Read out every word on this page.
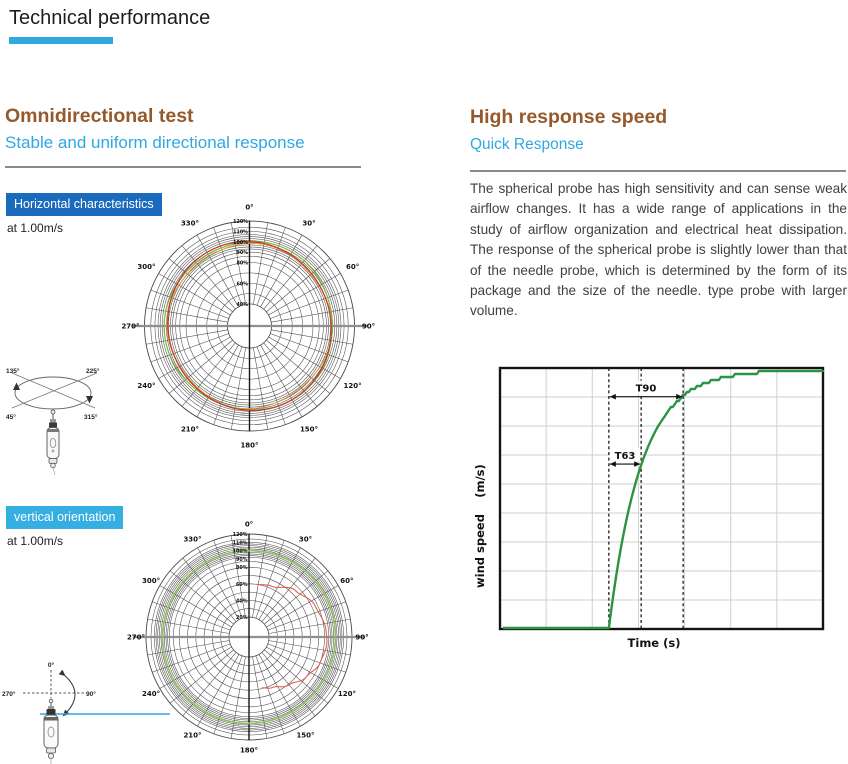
Technical performance
Omnidirectional test
Stable and uniform directional response
Horizontal characteristics
at 1.00m/s
0°
30°
60°
90°
120°
150°
180°
210°
240°
270°
300°
330°	120%
110%
100%
90%
80%
60%
40%
135°	225°
45°	315°
vertical orientation
at 1.00m/s
0°
30°
60°
90°
120°
150°
180°
210°
240°
270°
300°
330°
120%
110%
100%
90%
80%
60%
40%
20%
0°
270°	90°
High response speed
Quick Response
The spherical probe has high sensitivity and can sense weak airflow changes. It has a wide range of applications in the study of airflow organization and electrical heat dissipation. The response of the spherical probe is slightly lower than that of the needle probe, which is determined by the form of its package and the size of the needle. type probe with larger volume.
T90
T63
Time (s)
wind speed
(m/s)
